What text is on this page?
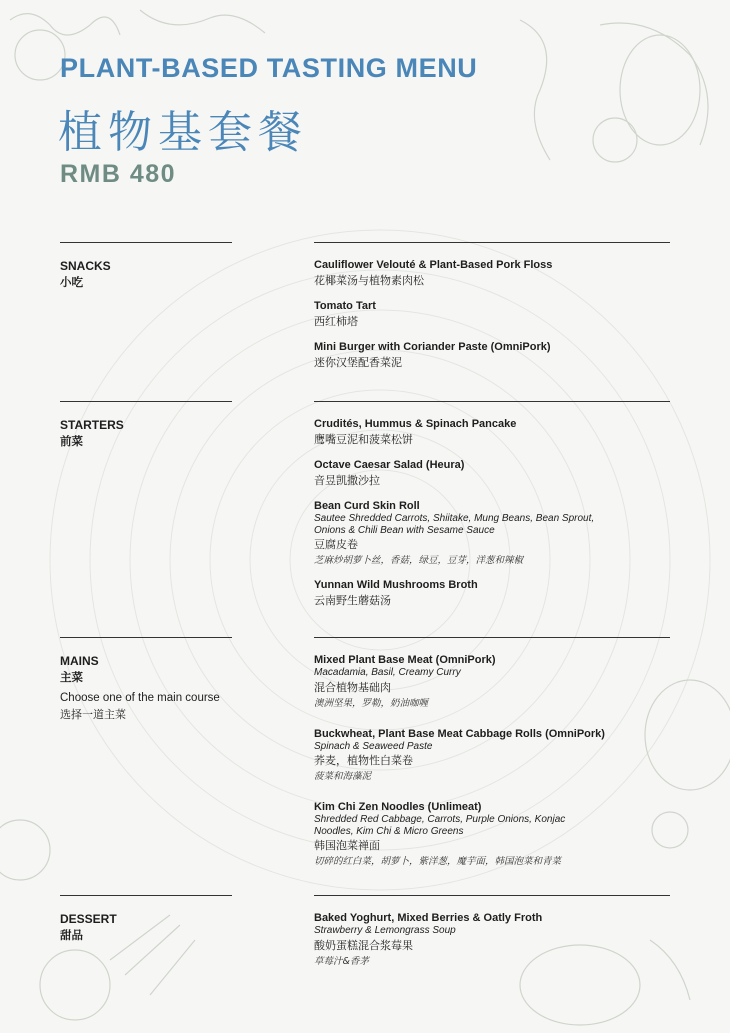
PLANT-BASED TASTING MENU
植物基套餐
RMB 480
SNACKS
小吃
Cauliflower Velouté & Plant-Based Pork Floss
花椰菜汤与植物素肉松
Tomato Tart
西红柿塔
Mini Burger with Coriander Paste (OmniPork)
迷你汉堡配香菜泥
STARTERS
前菜
Crudités, Hummus & Spinach Pancake
鹰嘴豆泥和菠菜松饼
Octave Caesar Salad (Heura)
音昱凯撒沙拉
Bean Curd Skin Roll
Sautee Shredded Carrots, Shiitake, Mung Beans, Bean Sprout, Onions & Chili Bean with Sesame Sauce
豆腐皮卷
芝麻炒胡萝卜丝，香菇，绿豆，豆芽，洋葱和辣椒
Yunnan Wild Mushrooms Broth
云南野生蘑菇汤
MAINS
主菜
Choose one of the main course
选择一道主菜
Mixed Plant Base Meat (OmniPork)
Macadamia, Basil, Creamy Curry
混合植物基础肉
澳洲坚果，罗勒，奶油咖喱
Buckwheat, Plant Base Meat Cabbage Rolls (OmniPork)
Spinach & Seaweed Paste
荞麦，植物性白菜卷
菠菜和海藻泥
Kim Chi Zen Noodles (Unlimeat)
Shredded Red Cabbage, Carrots, Purple Onions, Konjac Noodles, Kim Chi & Micro Greens
韩国泡菜禅面
切碎的红白菜，胡萝卜，紫洋葱，魔芋面，韩国泡菜和青菜
DESSERT
甜品
Baked Yoghurt, Mixed Berries & Oatly Froth
Strawberry & Lemongrass Soup
酸奶蛋糕混合浆莓果
草莓汁&香茅
